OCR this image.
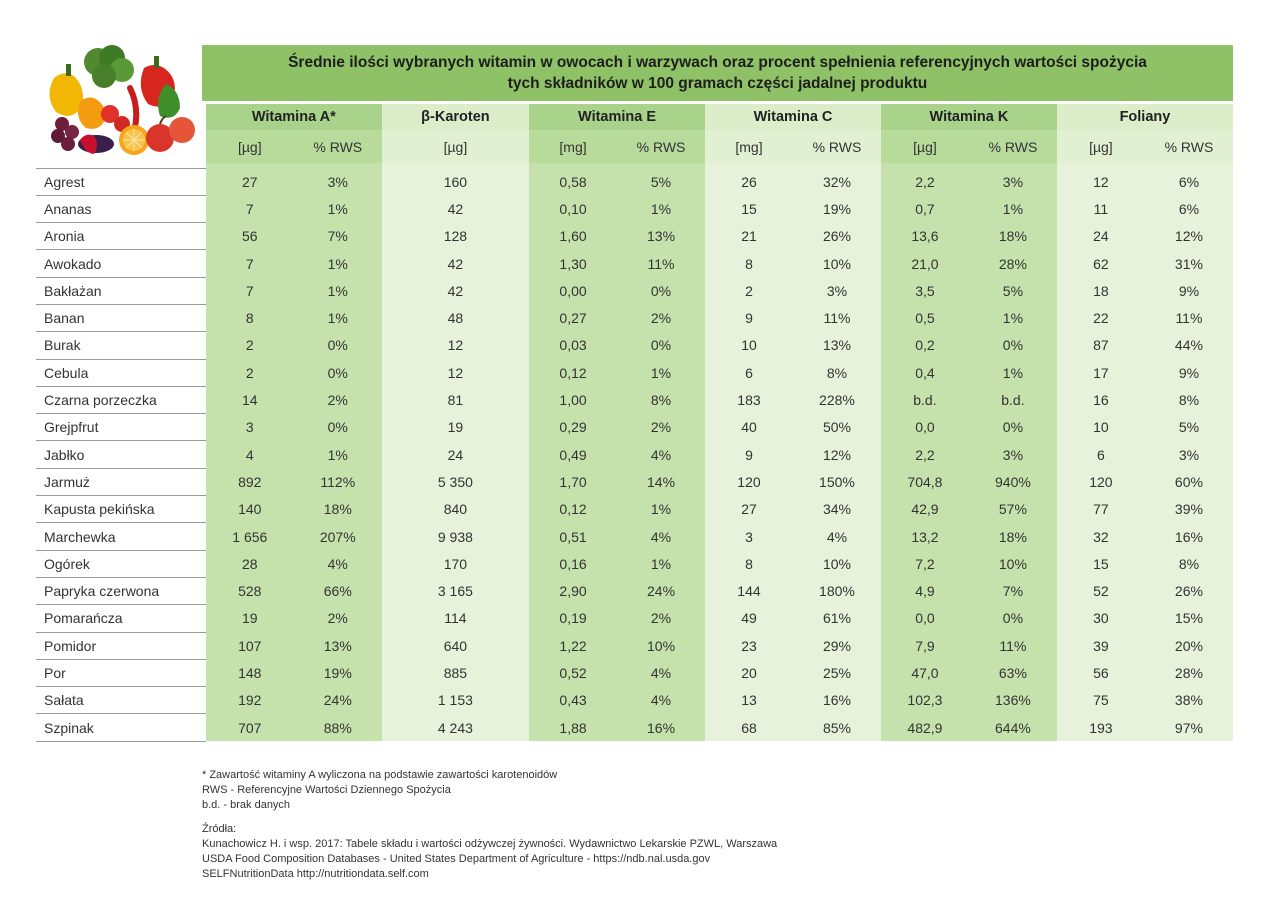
Średnie ilości wybranych witamin w owocach i warzywach oraz procent spełnienia referencyjnych wartości spożycia
tych składników w 100 gramach części jadalnej produktu
	Witamina A*		β-Karoten	Witamina E		Witamina C		Witamina K		Foliany	
	[µg]	% RWS	[µg]	[mg]	% RWS	[mg]	% RWS	[µg]	% RWS	[µg]	% RWS

Agrest	27	3%	160	0,58	5%	26	32%	2,2	3%	12	6%
Ananas	7	1%	42	0,10	1%	15	19%	0,7	1%	11	6%
Aronia	56	7%	128	1,60	13%	21	26%	13,6	18%	24	12%
Awokado	7	1%	42	1,30	11%	8	10%	21,0	28%	62	31%
Bakłażan	7	1%	42	0,00	0%	2	3%	3,5	5%	18	9%
Banan	8	1%	48	0,27	2%	9	11%	0,5	1%	22	11%
Burak	2	0%	12	0,03	0%	10	13%	0,2	0%	87	44%
Cebula	2	0%	12	0,12	1%	6	8%	0,4	1%	17	9%
Czarna porzeczka	14	2%	81	1,00	8%	183	228%	b.d.	b.d.	16	8%
Grejpfrut	3	0%	19	0,29	2%	40	50%	0,0	0%	10	5%
Jabłko	4	1%	24	0,49	4%	9	12%	2,2	3%	6	3%
Jarmuż	892	112%	5 350	1,70	14%	120	150%	704,8	940%	120	60%
Kapusta pekińska	140	18%	840	0,12	1%	27	34%	42,9	57%	77	39%
Marchewka	1 656	207%	9 938	0,51	4%	3	4%	13,2	18%	32	16%
Ogórek	28	4%	170	0,16	1%	8	10%	7,2	10%	15	8%
Papryka czerwona	528	66%	3 165	2,90	24%	144	180%	4,9	7%	52	26%
Pomarańcza	19	2%	114	0,19	2%	49	61%	0,0	0%	30	15%
Pomidor	107	13%	640	1,22	10%	23	29%	7,9	11%	39	20%
Por	148	19%	885	0,52	4%	20	25%	47,0	63%	56	28%
Sałata	192	24%	1 153	0,43	4%	13	16%	102,3	136%	75	38%
Szpinak	707	88%	4 243	1,88	16%	68	85%	482,9	644%	193	97%

* Zawartość witaminy A wyliczona na podstawie zawartości karotenoidów

RWS - Referencyjne Wartości Dziennego Spożycia

b.d. - brak danych

Źródła:

Kunachowicz H. i wsp. 2017: Tabele składu i wartości odżywczej żywności. Wydawnictwo Lekarskie PZWL, Warszawa

USDA Food Composition Databases - United States Department of Agriculture - https://ndb.nal.usda.gov

SELFNutritionData http://nutritiondata.self.com
